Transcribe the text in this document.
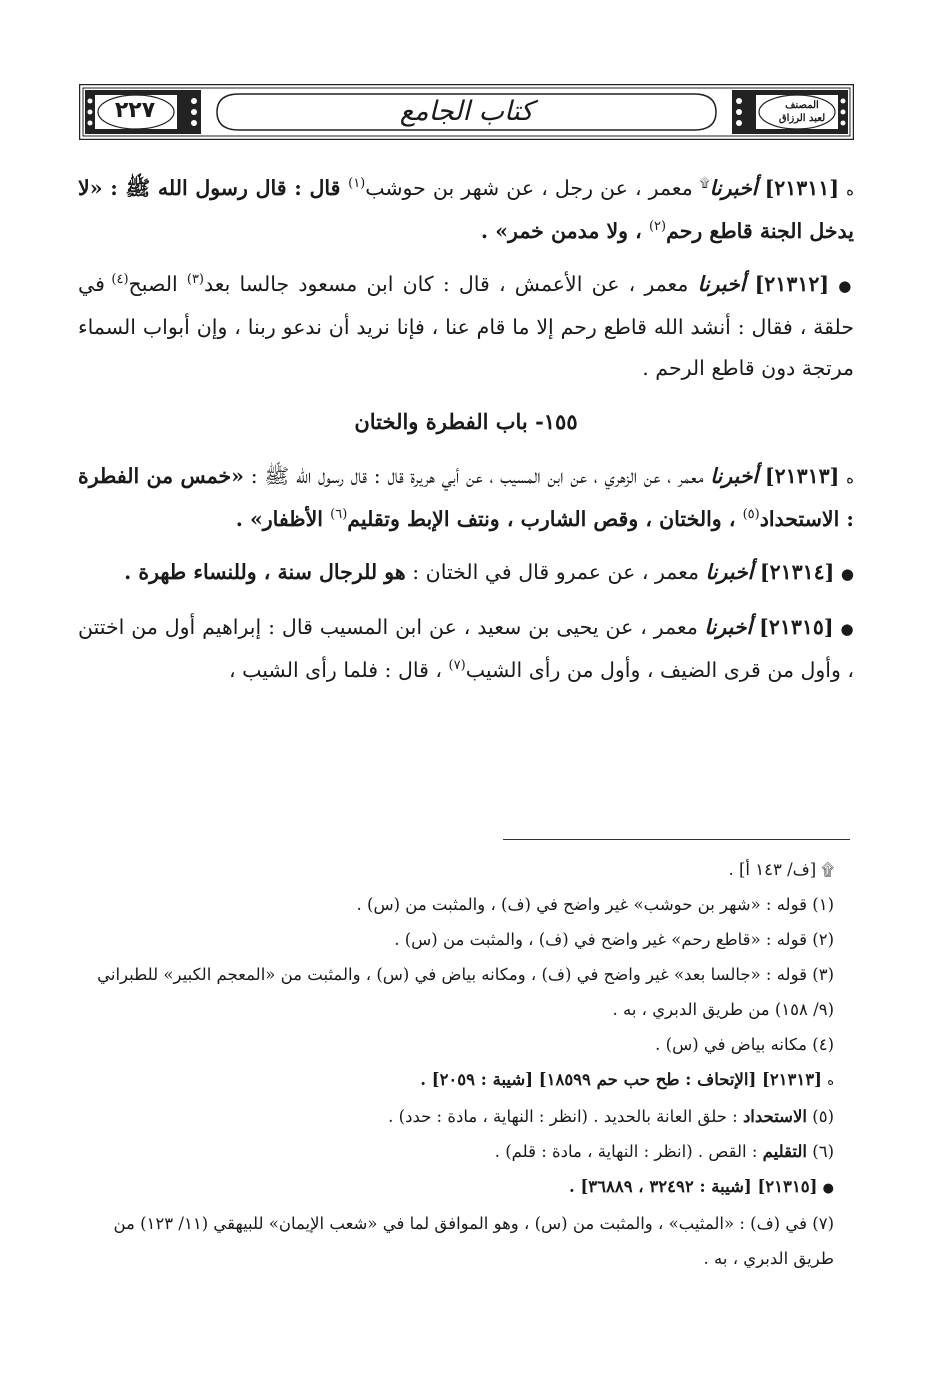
٢٢٧	كتاب الجامع	المصنف
لعبد الرزاق

ه [٢١٣١١] أخبرنا۩ معمر ، عن رجل ، عن شهر بن حوشب$^{(١)}$ قال : قال رسول الله ﷺ : «لا يدخل الجنة قاطع رحم$^{(٢)}$ ، ولا مدمن خمر» .

● [٢١٣١٢] أخبرنا معمر ، عن الأعمش ، قال : كان ابن مسعود جالسا بعد$^{(٣)}$ الصبح$^{(٤)}$ في حلقة ، فقال : أنشد الله قاطع رحم إلا ما قام عنا ، فإنا نريد أن ندعو ربنا ، وإن أبواب السماء مرتجة دون قاطع الرحم .

١٥٥- باب الفطرة والختان

ه [٢١٣١٣] أخبرنا معمر ، عن الزهري ، عن ابن المسيب ، عن أبي هريرة قال : قال رسول الله ﷺ : «خمس من الفطرة : الاستحداد$^{(٥)}$ ، والختان ، وقص الشارب ، ونتف الإبط وتقليم$^{(٦)}$ الأظفار» .

● [٢١٣١٤] أخبرنا معمر ، عن عمرو قال في الختان : هو للرجال سنة ، وللنساء طهرة .

● [٢١٣١٥] أخبرنا معمر ، عن يحيى بن سعيد ، عن ابن المسيب قال : إبراهيم أول من اختتن ، وأول من قرى الضيف ، وأول من رأى الشيب$^{(٧)}$ ، قال : فلما رأى الشيب ،

۩ [ف/ ١٤٣ أ] .
(١) قوله : «شهر بن حوشب» غير واضح في (ف) ، والمثبت من (س) .
(٢) قوله : «قاطع رحم» غير واضح في (ف) ، والمثبت من (س) .
(٣) قوله : «جالسا بعد» غير واضح في (ف) ، ومكانه بياض في (س) ، والمثبت من «المعجم الكبير» للطبراني (٩/ ١٥٨) من طريق الدبري ، به .
(٤) مكانه بياض في (س) .
ه [٢١٣١٣] [الإتحاف : طح حب حم ١٨٥٩٩] [شيبة : ٢٠٥٩] .
(٥) الاستحداد : حلق العانة بالحديد . (انظر : النهاية ، مادة : حدد) .
(٦) التقليم : القص . (انظر : النهاية ، مادة : قلم) .
● [٢١٣١٥] [شيبة : ٣٢٤٩٢ ، ٣٦٨٨٩] .
(٧) في (ف) : «المثيب» ، والمثبت من (س) ، وهو الموافق لما في «شعب الإيمان» للبيهقي (١١/ ١٢٣) من طريق الدبري ، به .
